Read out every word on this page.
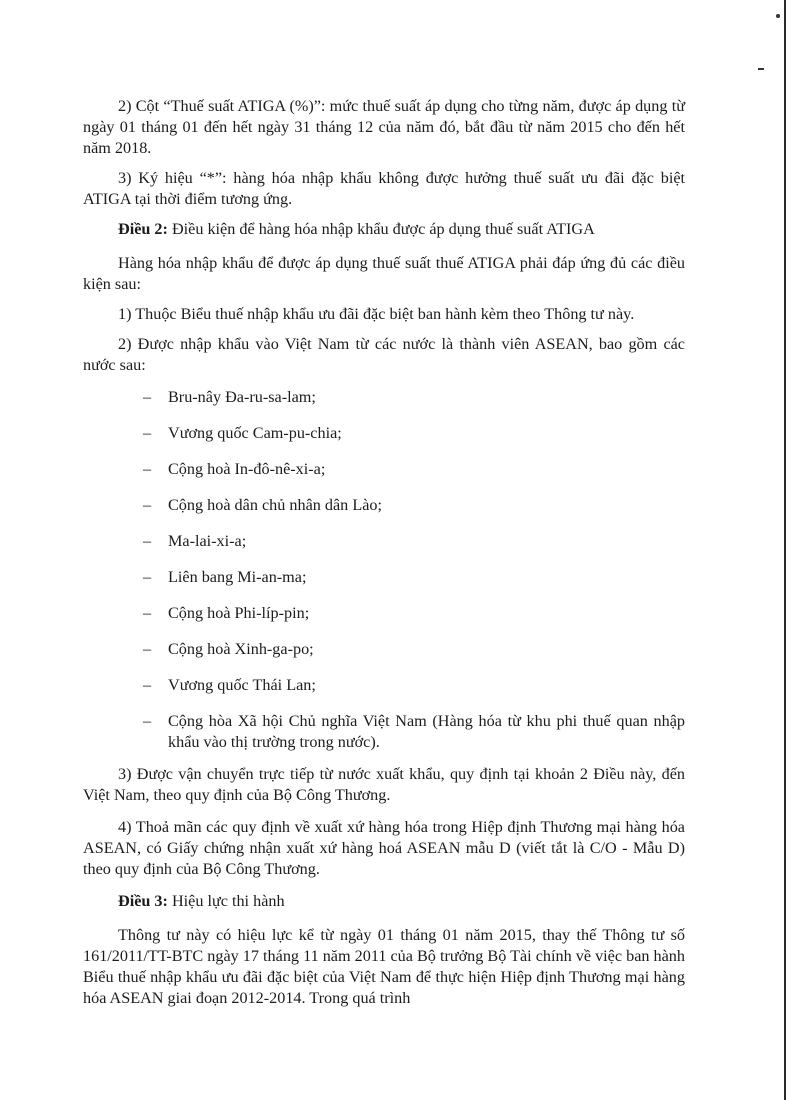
2) Cột “Thuế suất ATIGA (%)”: mức thuế suất áp dụng cho từng năm, được áp dụng từ ngày 01 tháng 01 đến hết ngày 31 tháng 12 của năm đó, bắt đầu từ năm 2015 cho đến hết năm 2018.

3) Ký hiệu “*”: hàng hóa nhập khẩu không được hưởng thuế suất ưu đãi đặc biệt ATIGA tại thời điểm tương ứng.

Điều 2: Điều kiện để hàng hóa nhập khẩu được áp dụng thuế suất ATIGA

Hàng hóa nhập khẩu để được áp dụng thuế suất thuế ATIGA phải đáp ứng đủ các điều kiện sau:

1) Thuộc Biểu thuế nhập khẩu ưu đãi đặc biệt ban hành kèm theo Thông tư này.

2) Được nhập khẩu vào Việt Nam từ các nước là thành viên ASEAN, bao gồm các nước sau:

– Bru-nây Đa-ru-sa-lam;
– Vương quốc Cam-pu-chia;
– Cộng hoà In-đô-nê-xi-a;
– Cộng hoà dân chủ nhân dân Lào;
– Ma-lai-xi-a;
– Liên bang Mi-an-ma;
– Cộng hoà Phi-líp-pin;
– Cộng hoà Xinh-ga-po;
– Vương quốc Thái Lan;
– Cộng hòa Xã hội Chủ nghĩa Việt Nam (Hàng hóa từ khu phi thuế quan nhập khẩu vào thị trường trong nước).

3) Được vận chuyển trực tiếp từ nước xuất khẩu, quy định tại khoản 2 Điều này, đến Việt Nam, theo quy định của Bộ Công Thương.

4) Thoả mãn các quy định về xuất xứ hàng hóa trong Hiệp định Thương mại hàng hóa ASEAN, có Giấy chứng nhận xuất xứ hàng hoá ASEAN mẫu D (viết tắt là C/O - Mẫu D) theo quy định của Bộ Công Thương.

Điều 3: Hiệu lực thi hành

Thông tư này có hiệu lực kể từ ngày 01 tháng 01 năm 2015, thay thế Thông tư số 161/2011/TT-BTC ngày 17 tháng 11 năm 2011 của Bộ trưởng Bộ Tài chính về việc ban hành Biểu thuế nhập khẩu ưu đãi đặc biệt của Việt Nam để thực hiện Hiệp định Thương mại hàng hóa ASEAN giai đoạn 2012-2014. Trong quá trình
